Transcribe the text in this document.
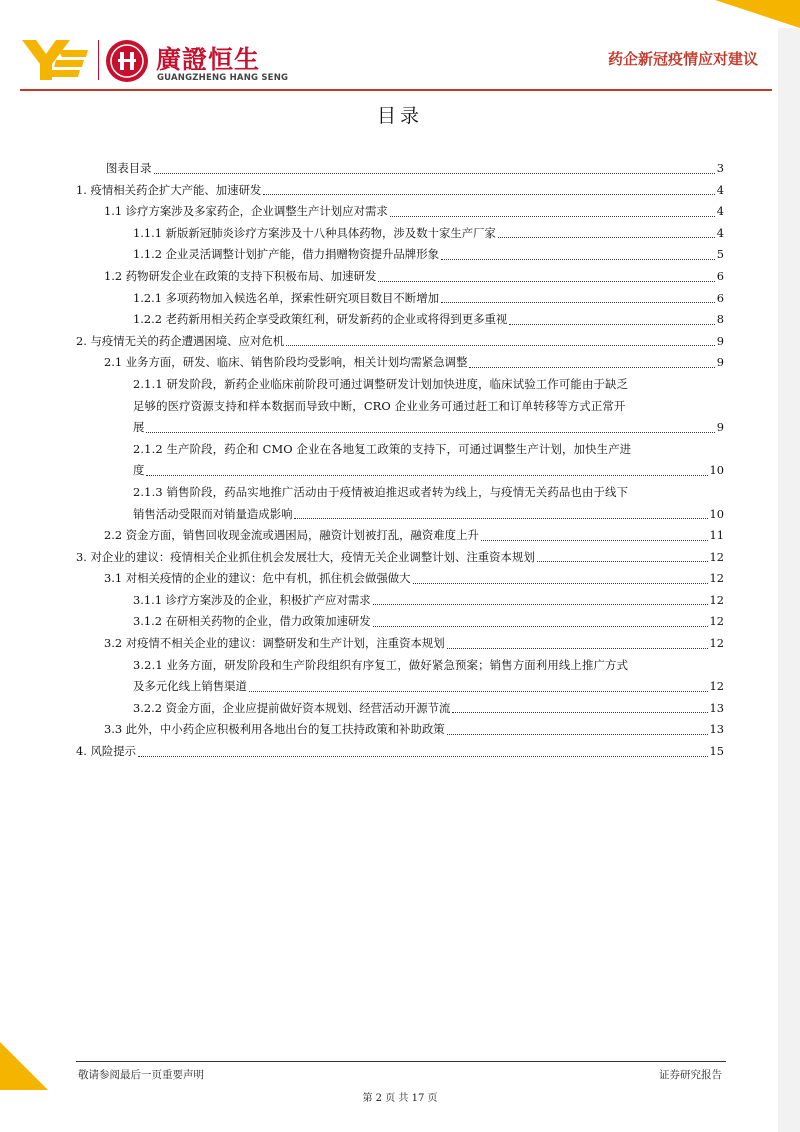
廣證恒生
GUANGZHENG HANG SENG
药企新冠疫情应对建议
目录
图表目录	3
1. 疫情相关药企扩大产能、加速研发	4
1.1 诊疗方案涉及多家药企，企业调整生产计划应对需求	4
1.1.1 新版新冠肺炎诊疗方案涉及十八种具体药物，涉及数十家生产厂家	4
1.1.2 企业灵活调整计划扩产能，借力捐赠物资提升品牌形象	5
1.2 药物研发企业在政策的支持下积极布局、加速研发	6
1.2.1 多项药物加入候选名单，探索性研究项目数目不断增加	6
1.2.2 老药新用相关药企享受政策红利，研发新药的企业或将得到更多重视	8
2. 与疫情无关的药企遭遇困境、应对危机	9
2.1 业务方面，研发、临床、销售阶段均受影响，相关计划均需紧急调整	9
2.1.1 研发阶段，新药企业临床前阶段可通过调整研发计划加快进度，临床试验工作可能由于缺乏
足够的医疗资源支持和样本数据而导致中断，CRO 企业业务可通过赶工和订单转移等方式正常开
展	9
2.1.2 生产阶段，药企和 CMO 企业在各地复工政策的支持下，可通过调整生产计划，加快生产进
度	10
2.1.3 销售阶段，药品实地推广活动由于疫情被迫推迟或者转为线上，与疫情无关药品也由于线下
销售活动受限而对销量造成影响	10
2.2 资金方面，销售回收现金流或遇困局，融资计划被打乱，融资难度上升	11
3. 对企业的建议：疫情相关企业抓住机会发展壮大，疫情无关企业调整计划、注重资本规划	12
3.1 对相关疫情的企业的建议：危中有机，抓住机会做强做大	12
3.1.1 诊疗方案涉及的企业，积极扩产应对需求	12
3.1.2 在研相关药物的企业，借力政策加速研发	12
3.2 对疫情不相关企业的建议：调整研发和生产计划，注重资本规划	12
3.2.1 业务方面，研发阶段和生产阶段组织有序复工，做好紧急预案；销售方面利用线上推广方式
及多元化线上销售渠道	12
3.2.2 资金方面，企业应提前做好资本规划、经营活动开源节流	13
3.3 此外，中小药企应积极利用各地出台的复工扶持政策和补助政策	13
4. 风险提示	15
敬请参阅最后一页重要声明	证券研究报告
第 2 页 共 17 页
